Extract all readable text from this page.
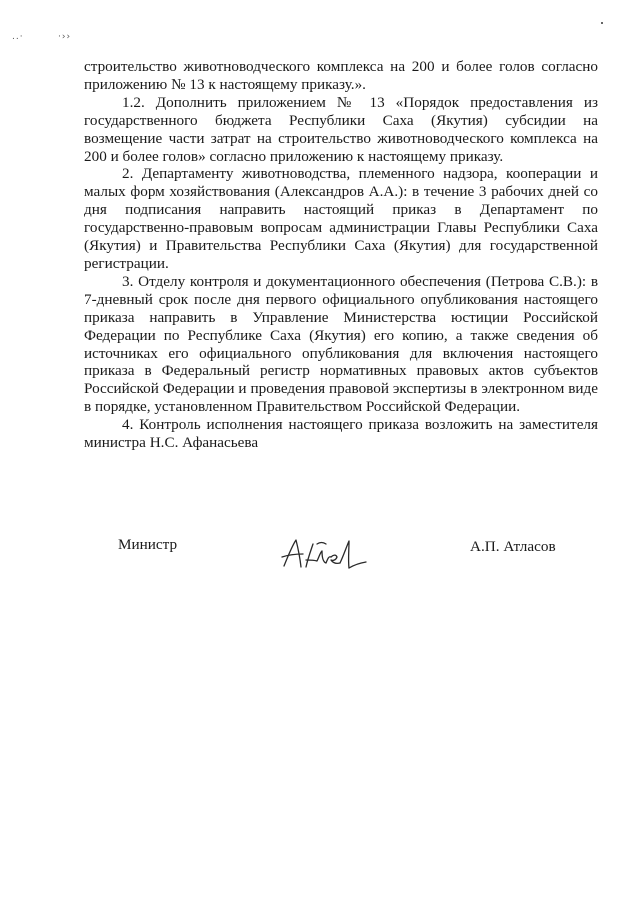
..·	·››

строительство животноводческого комплекса на 200 и более голов согласно приложению № 13 к настоящему приказу.».

1.2. Дополнить приложением № 13 «Порядок предоставления из государственного бюджета Республики Саха (Якутия) субсидии на возмещение части затрат на строительство животноводческого комплекса на 200 и более голов» согласно приложению к настоящему приказу.

2. Департаменту животноводства, племенного надзора, кооперации и малых форм хозяйствования (Александров А.А.): в течение 3 рабочих дней со дня подписания направить настоящий приказ в Департамент по государственно-правовым вопросам администрации Главы Республики Саха (Якутия) и Правительства Республики Саха (Якутия) для государственной регистрации.

3. Отделу контроля и документационного обеспечения (Петрова С.В.): в 7-дневный срок после дня первого официального опубликования настоящего приказа направить в Управление Министерства юстиции Российской Федерации по Республике Саха (Якутия) его копию, а также сведения об источниках его официального опубликования для включения настоящего приказа в Федеральный регистр нормативных правовых актов субъектов Российской Федерации и проведения правовой экспертизы в электронном виде в порядке, установленном Правительством Российской Федерации.

4. Контроль исполнения настоящего приказа возложить на заместителя министра Н.С. Афанасьева

Министр	А.П. Атласов
